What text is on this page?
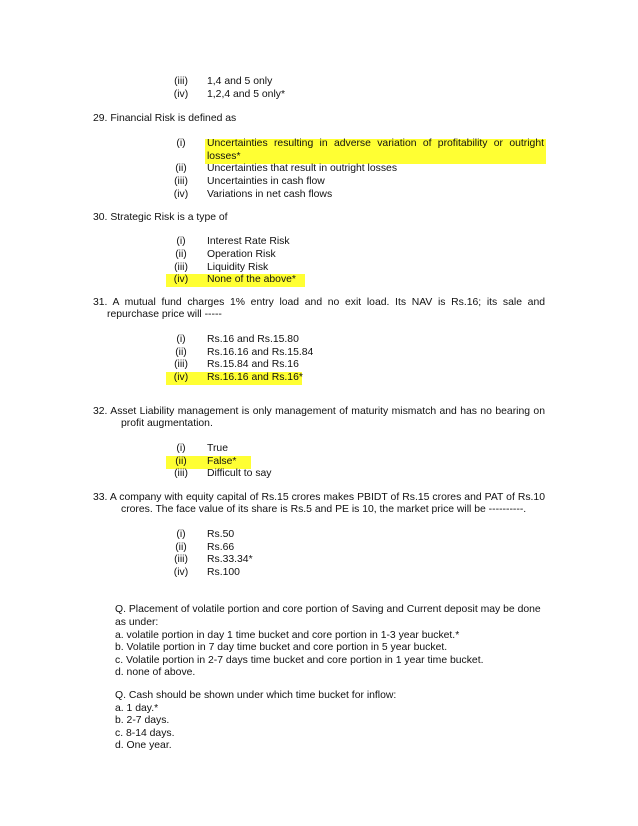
(iii)	1,4 and 5 only
(iv)	1,2,4 and 5 only*
29. Financial Risk is defined as
(i)	Uncertainties resulting in adverse variation of profitability or outright
losses*
(ii)	Uncertainties that result in outright losses
(iii)	Uncertainties in cash flow
(iv)	Variations in net cash flows
30. Strategic Risk is a type of
(i)	Interest Rate Risk
(ii)	Operation Risk
(iii)	Liquidity Risk
(iv)	None of the above*
31. A mutual fund charges 1% entry load and no exit load. Its NAV is Rs.16; its sale and
repurchase price will -----
(i)	Rs.16 and Rs.15.80
(ii)	Rs.16.16 and Rs.15.84
(iii)	Rs.15.84 and Rs.16
(iv)	Rs.16.16 and Rs.16*
32. Asset Liability management is only management of maturity mismatch and has no bearing on
profit augmentation.
(i)	True
(ii)	False*
(iii)	Difficult to say
33. A company with equity capital of Rs.15 crores makes PBIDT of Rs.15 crores and PAT of Rs.10
crores. The face value of its share is Rs.5 and PE is 10, the market price will be ----------.
(i)	Rs.50
(ii)	Rs.66
(iii)	Rs.33.34*
(iv)	Rs.100
Q. Placement of volatile portion and core portion of Saving and Current deposit may be done
as under:
a. volatile portion in day 1 time bucket and core portion in 1-3 year bucket.*
b. Volatile portion in 7 day time bucket and core portion in 5 year bucket.
c. Volatile portion in 2-7 days time bucket and core portion in 1 year time bucket.
d. none of above.
Q. Cash should be shown under which time bucket for inflow:
a. 1 day.*
b. 2-7 days.
c. 8-14 days.
d. One year.
